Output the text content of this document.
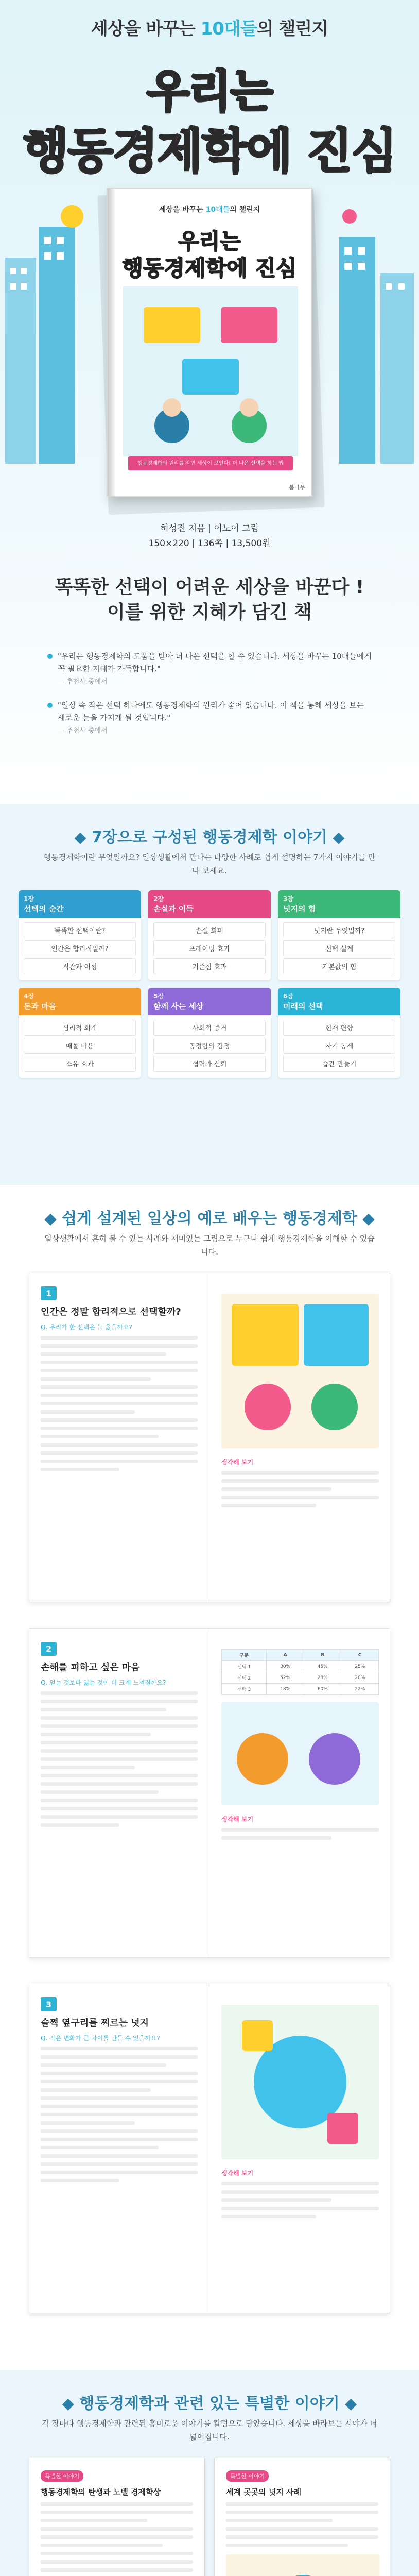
세상을 바꾸는 10대들의 챌린지
우리는
행동경제학에 진심
세상을 바꾸는 10대들의 챌린지
우리는
행동경제학에 진심
행동경제학의 원리를 알면 세상이 보인다! 더 나은 선택을 하는 법
봄나무
허성진 지음 | 이노이 그림
150×220 | 136쪽 | 13,500원
똑똑한 선택이 어려운 세상을 바꾼다 !
이를 위한 지혜가 담긴 책
"우리는 행동경제학의 도움을 받아 더 나은 선택을 할 수 있습니다. 세상을 바꾸는 10대들에게 꼭 필요한 지혜가 가득합니다."
― 추천사 중에서
"일상 속 작은 선택 하나에도 행동경제학의 원리가 숨어 있습니다. 이 책을 통해 세상을 보는 새로운 눈을 가지게 될 것입니다."
― 추천사 중에서
◆ 7장으로 구성된 행동경제학 이야기 ◆
행동경제학이란 무엇일까요? 일상생활에서 만나는 다양한 사례로 쉽게 설명하는 7가지 이야기를 만나 보세요.
1장
선택의 순간
똑똑한 선택이란?
인간은 합리적일까?
직관과 이성
2장
손실과 이득
손실 회피
프레이밍 효과
기준점 효과
3장
넛지의 힘
넛지란 무엇일까?
선택 설계
기본값의 힘
4장
돈과 마음
심리적 회계
매몰 비용
소유 효과
5장
함께 사는 세상
사회적 증거
공정함의 감정
협력과 신뢰
6장
미래의 선택
현재 편향
자기 통제
습관 만들기
◆ 쉽게 설계된 일상의 예로 배우는 행동경제학 ◆
일상생활에서 흔히 볼 수 있는 사례와 재미있는 그림으로 누구나 쉽게 행동경제학을 이해할 수 있습니다.
1
인간은 정말 합리적으로 선택할까?
Q. 우리가 한 선택은 늘 옳을까요?
생각해 보기
2
손해를 피하고 싶은 마음
Q. 얻는 것보다 잃는 것이 더 크게 느껴질까요?
구분	A	B	C
선택 1	30%	45%	25%
선택 2	52%	28%	20%
선택 3	18%	60%	22%
생각해 보기
3
슬쩍 옆구리를 찌르는 넛지
Q. 작은 변화가 큰 차이를 만들 수 있을까요?
생각해 보기
◆ 행동경제학과 관련 있는 특별한 이야기 ◆
각 장마다 행동경제학과 관련된 흥미로운 이야기를 칼럼으로 담았습니다. 세상을 바라보는 시야가 더 넓어집니다.
특별한 이야기
행동경제학의 탄생과 노벨 경제학상
특별한 이야기
세계 곳곳의 넛지 사례
